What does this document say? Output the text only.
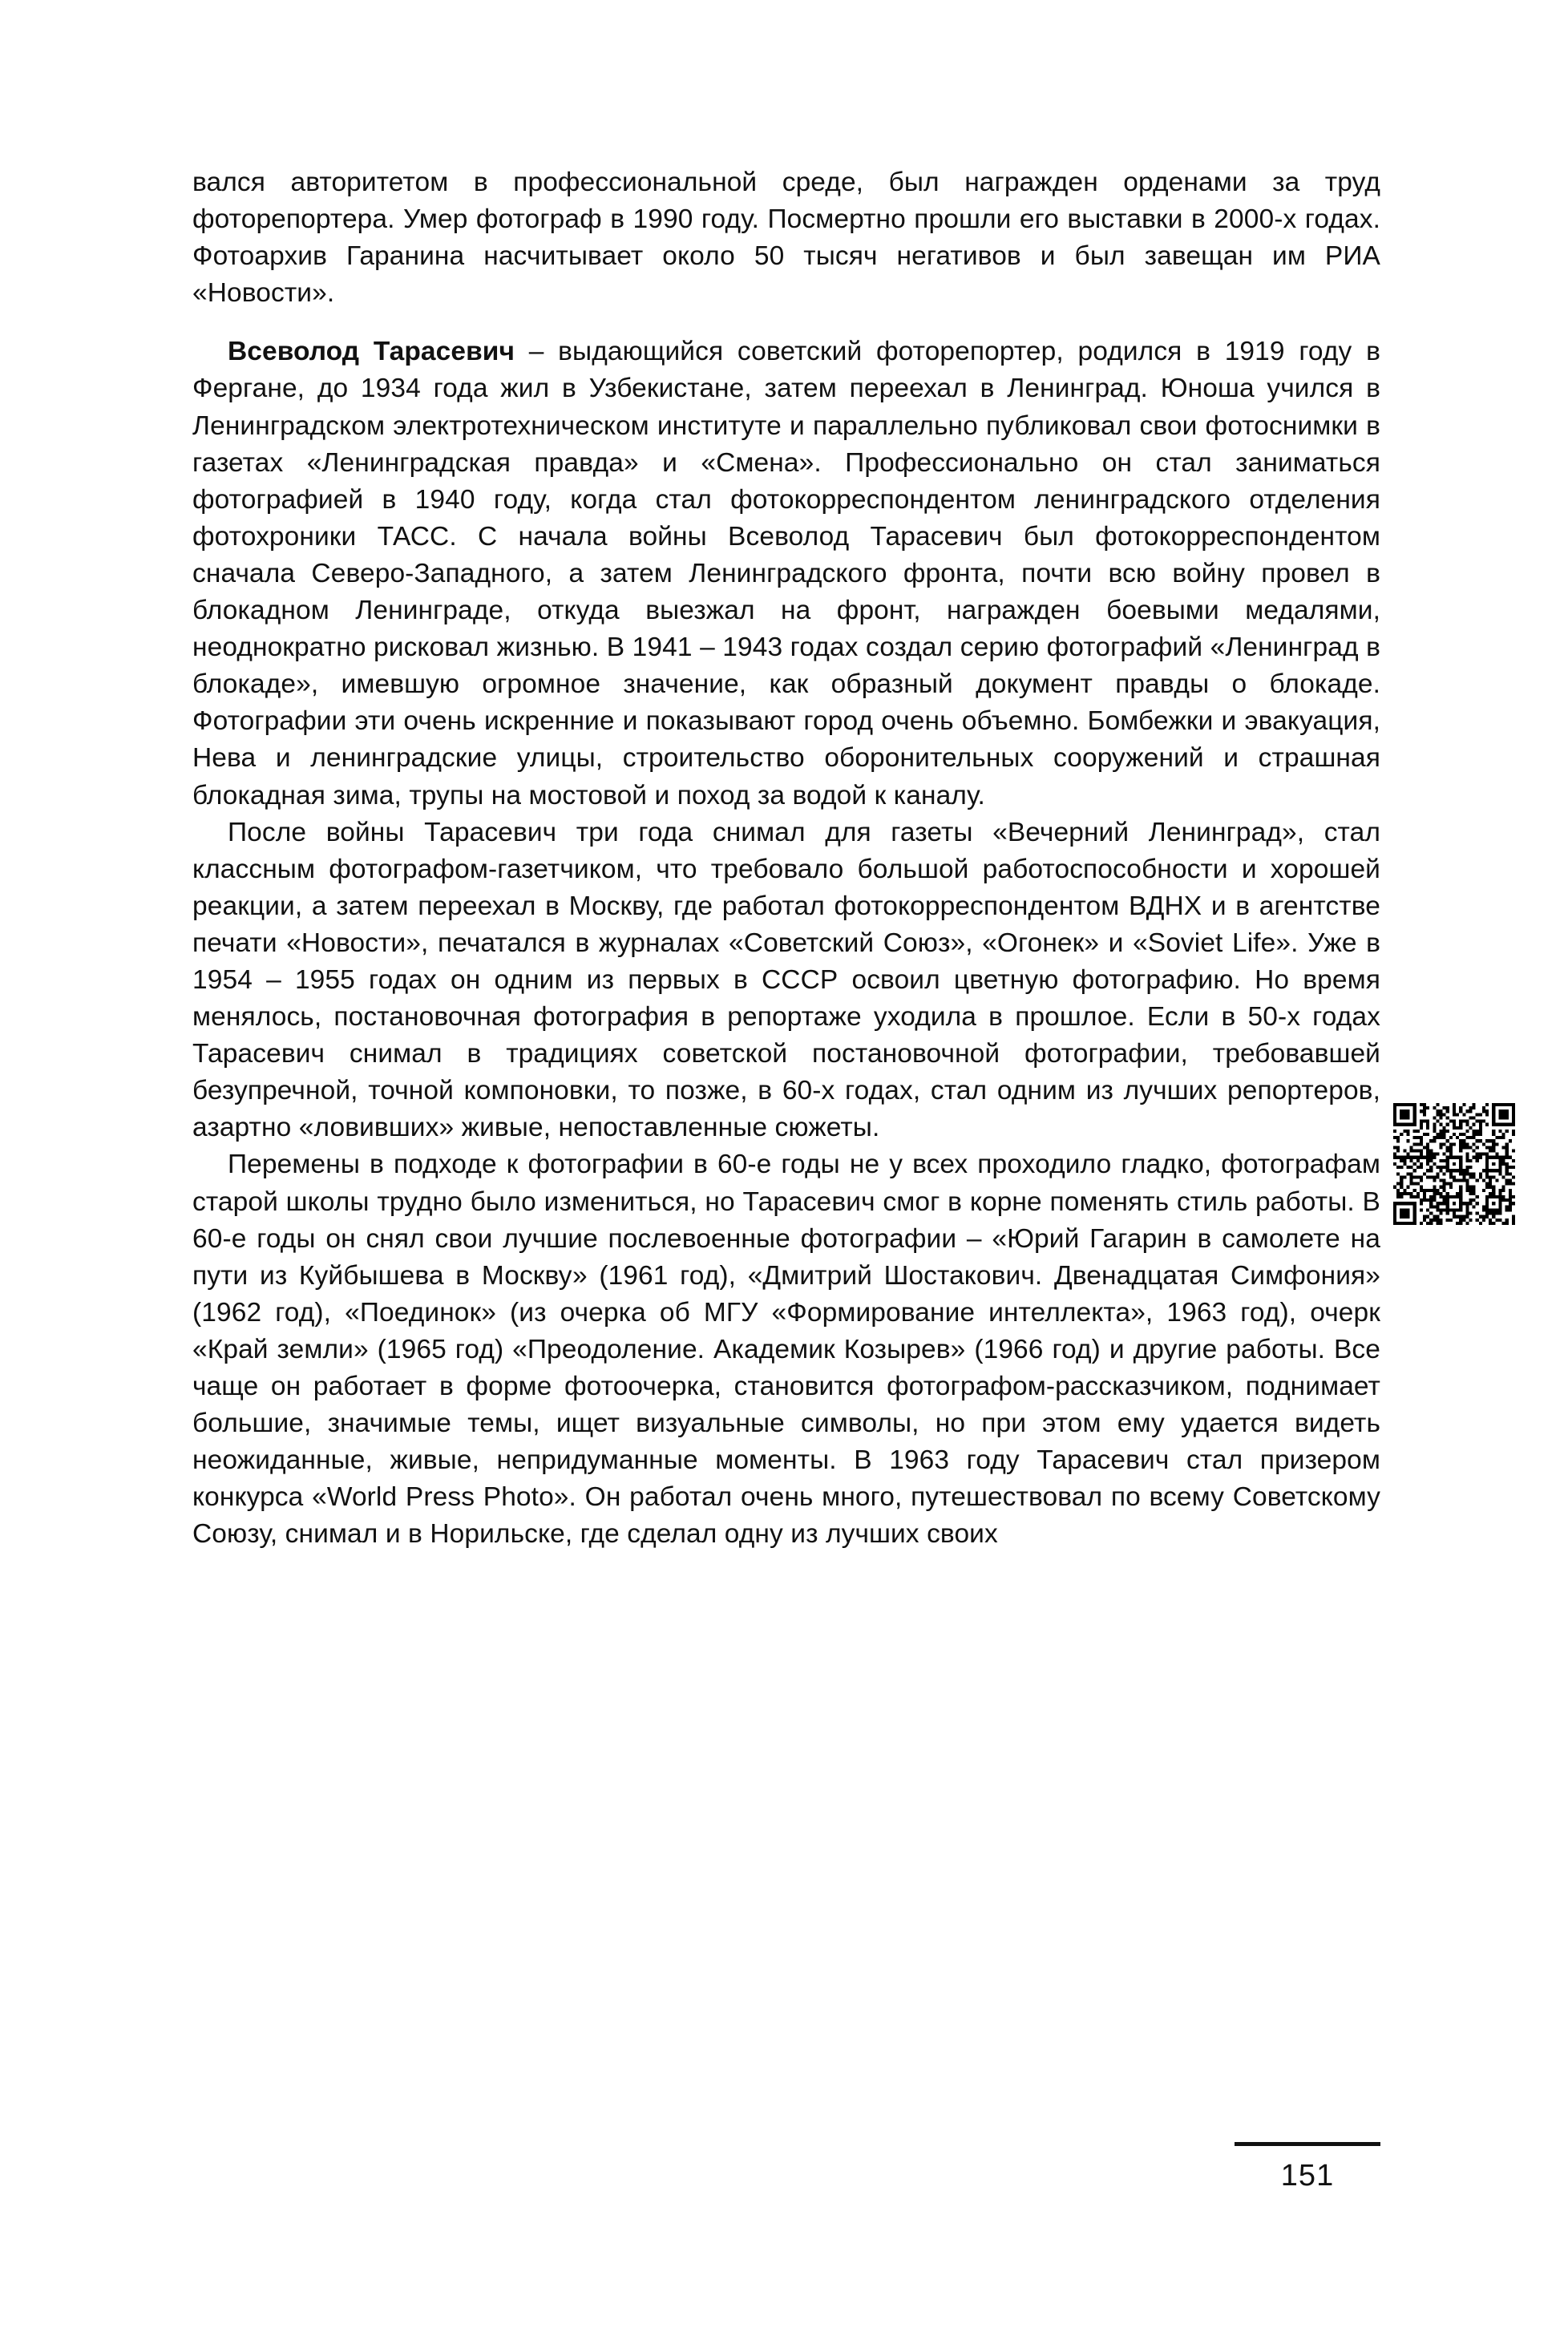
вался авторитетом в профессиональной среде, был награжден орденами за труд фоторепортера. Умер фотограф в 1990 году. Посмертно прошли его выставки в 2000-х годах. Фотоархив Гаранина насчитывает около 50 тысяч негативов и был завещан им РИА «Новости».

Всеволод Тарасевич – выдающийся советский фоторепортер, родился в 1919 году в Фергане, до 1934 года жил в Узбекистане, затем переехал в Ленинград. Юноша учился в Ленинградском электротехническом институте и параллельно публиковал свои фотоснимки в газетах «Ленинградская правда» и «Смена». Профессионально он стал заниматься фотографией в 1940 году, когда стал фотокорреспондентом ленинградского отделения фотохроники ТАСС. С начала войны Всеволод Тарасевич был фотокорреспондентом сначала Северо-Западного, а затем Ленинградского фронта, почти всю войну провел в блокадном Ленинграде, откуда выезжал на фронт, награжден боевыми медалями, неоднократно рисковал жизнью. В 1941 – 1943 годах создал серию фотографий «Ленинград в блокаде», имевшую огромное значение, как образный документ правды о блокаде. Фотографии эти очень искренние и показывают город очень объемно. Бомбежки и эвакуация, Нева и ленинградские улицы, строительство оборонительных сооружений и страшная блокадная зима, трупы на мостовой и поход за водой к каналу.

После войны Тарасевич три года снимал для газеты «Вечерний Ленинград», стал классным фотографом-газетчиком, что требовало большой работоспособности и хорошей реакции, а затем переехал в Москву, где работал фотокорреспондентом ВДНХ и в агентстве печати «Новости», печатался в журналах «Советский Союз», «Огонек» и «Soviet Life». Уже в 1954 – 1955 годах он одним из первых в СССР освоил цветную фотографию. Но время менялось, постановочная фотография в репортаже уходила в прошлое. Если в 50-х годах Тарасевич снимал в традициях советской постановочной фотографии, требовавшей безупречной, точной компоновки, то позже, в 60-х годах, стал одним из лучших репортеров, азартно «ловивших» живые, непоставленные сюжеты.

Перемены в подходе к фотографии в 60-е годы не у всех проходило гладко, фотографам старой школы трудно было измениться, но Тарасевич смог в корне поменять стиль работы. В 60-е годы он снял свои лучшие послевоенные фотографии – «Юрий Гагарин в самолете на пути из Куйбышева в Москву» (1961 год), «Дмитрий Шостакович. Двенадцатая Симфония» (1962 год), «Поединок» (из очерка об МГУ «Формирование интеллекта», 1963 год), очерк «Край земли» (1965 год) «Преодоление. Академик Козырев» (1966 год) и другие работы. Все чаще он работает в форме фотоочерка, становится фотографом-рассказчиком, поднимает большие, значимые темы, ищет визуальные символы, но при этом ему удается видеть неожиданные, живые, непридуманные моменты. В 1963 году Тарасевич стал призером конкурса «World Press Photo». Он работал очень много, путешествовал по всему Советскому Союзу, снимал и в Норильске, где сделал одну из лучших своих

151
